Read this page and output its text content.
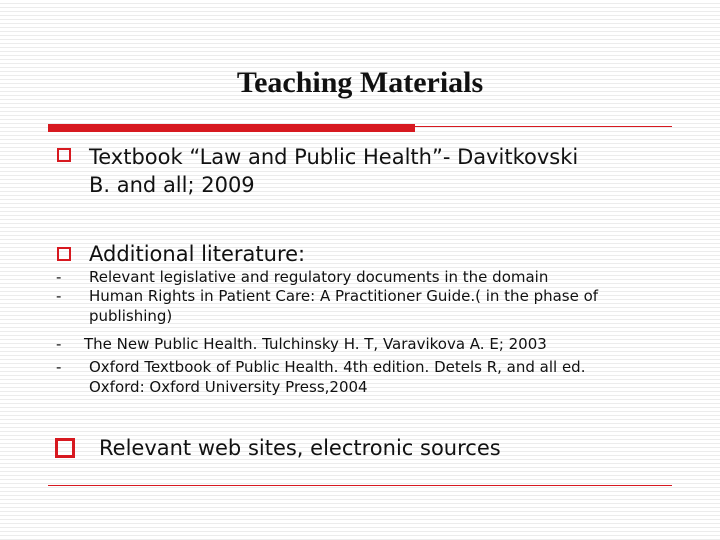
Teaching Materials
Textbook “Law and Public Health”- Davitkovski
B. and all; 2009
Additional literature:
-
-
Relevant legislative and regulatory documents in the domain
Human Rights in Patient Care: A Practitioner Guide.( in the phase of
publishing)
-
-
The New Public Health. Tulchinsky H. T, Varavikova A. E; 2003
Oxford Textbook of Public Health. 4th edition. Detels R, and all ed.
Oxford: Oxford University Press,2004
Relevant web sites, electronic sources
